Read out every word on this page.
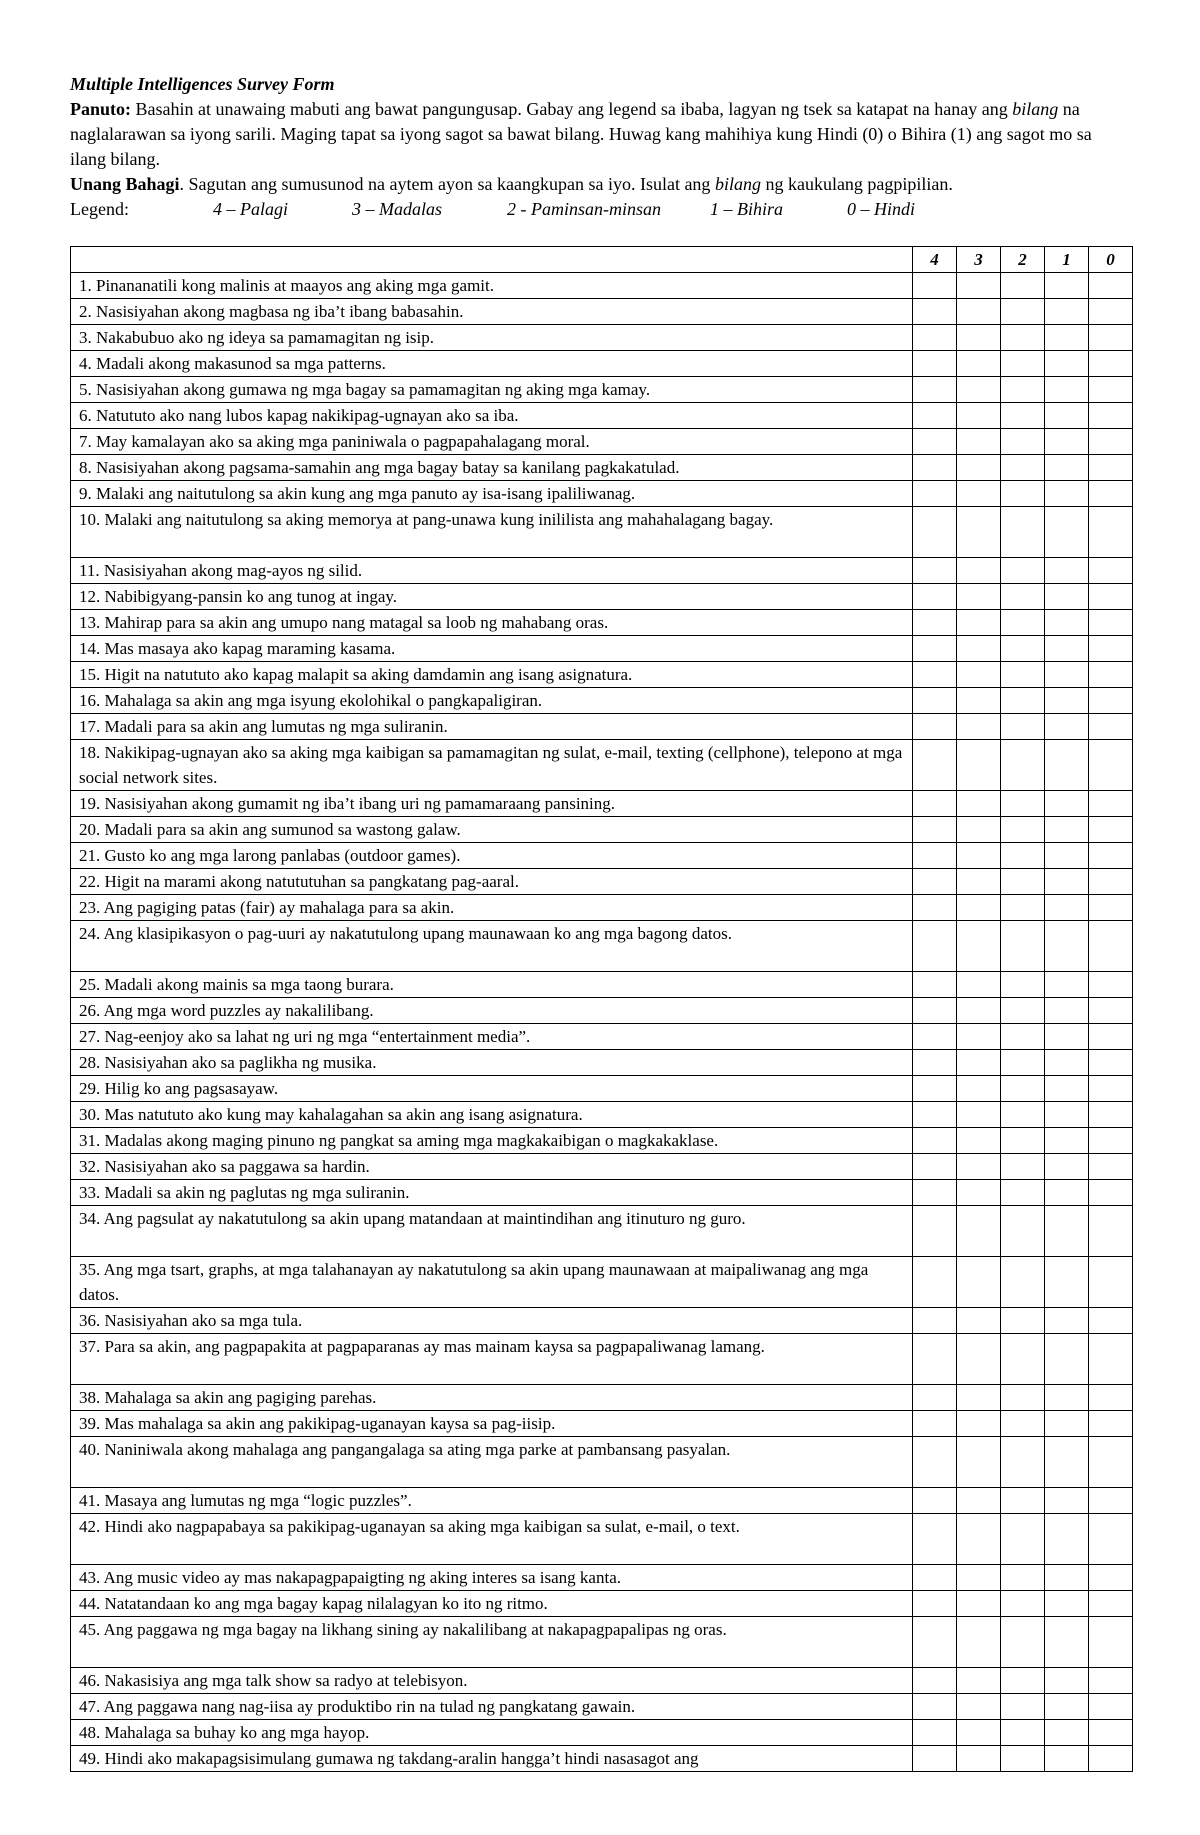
Multiple Intelligences Survey Form
Panuto: Basahin at unawaing mabuti ang bawat pangungusap. Gabay ang legend sa ibaba, lagyan ng tsek sa katapat na hanay ang bilang na naglalarawan sa iyong sarili. Maging tapat sa iyong sagot sa bawat bilang. Huwag kang mahihiya kung Hindi (0) o Bihira (1) ang sagot mo sa ilang bilang.
Unang Bahagi. Sagutan ang sumusunod na aytem ayon sa kaangkupan sa iyo. Isulat ang bilang ng kaukulang pagpipilian.
Legend:	4 – Palagi	3 – Madalas	2 - Paminsan-minsan	1 – Bihira	0 – Hindi
	4	3	2	1	0
1. Pinananatili kong malinis at maayos ang aking mga gamit.					
2. Nasisiyahan akong magbasa ng iba’t ibang babasahin.					
3. Nakabubuo ako ng ideya sa pamamagitan ng isip.					
4. Madali akong makasunod sa mga patterns.					
5. Nasisiyahan akong gumawa ng mga bagay sa pamamagitan ng aking mga kamay.					
6. Natututo ako nang lubos kapag nakikipag-ugnayan ako sa iba.					
7. May kamalayan ako sa aking mga paniniwala o pagpapahalagang moral.					
8. Nasisiyahan akong pagsama-samahin ang mga bagay batay sa kanilang pagkakatulad.					
9. Malaki ang naitutulong sa akin kung ang mga panuto ay isa-isang ipaliliwanag.					
10. Malaki ang naitutulong sa aking memorya at pang-unawa kung inililista ang mahahalagang bagay.					
11. Nasisiyahan akong mag-ayos ng silid.					
12. Nabibigyang-pansin ko ang tunog at ingay.					
13. Mahirap para sa akin ang umupo nang matagal sa loob ng mahabang oras.					
14. Mas masaya ako kapag maraming kasama.					
15. Higit na natututo ako kapag malapit sa aking damdamin ang isang asignatura.					
16. Mahalaga sa akin ang mga isyung ekolohikal o pangkapaligiran.					
17. Madali para sa akin ang lumutas ng mga suliranin.					
18. Nakikipag-ugnayan ako sa aking mga kaibigan sa pamamagitan ng sulat, e-mail, texting (cellphone), telepono at mga social network sites.					
19. Nasisiyahan akong gumamit ng iba’t ibang uri ng pamamaraang pansining.					
20. Madali para sa akin ang sumunod sa wastong galaw.					
21. Gusto ko ang mga larong panlabas (outdoor games).					
22. Higit na marami akong natututuhan sa pangkatang pag-aaral.					
23. Ang pagiging patas (fair) ay mahalaga para sa akin.					
24. Ang klasipikasyon o pag-uuri ay nakatutulong upang maunawaan ko ang mga bagong datos.					
25. Madali akong mainis sa mga taong burara.					
26. Ang mga word puzzles ay nakalilibang.					
27. Nag-eenjoy ako sa lahat ng uri ng mga “entertainment media”.					
28. Nasisiyahan ako sa paglikha ng musika.					
29. Hilig ko ang pagsasayaw.					
30. Mas natututo ako kung may kahalagahan sa akin ang isang asignatura.					
31. Madalas akong maging pinuno ng pangkat sa aming mga magkakaibigan o magkakaklase.					
32. Nasisiyahan ako sa paggawa sa hardin.					
33. Madali sa akin ng paglutas ng mga suliranin.					
34. Ang pagsulat ay nakatutulong sa akin upang matandaan at maintindihan ang itinuturo ng guro.					
35. Ang mga tsart, graphs, at mga talahanayan ay nakatutulong sa akin upang maunawaan at maipaliwanag ang mga datos.					
36. Nasisiyahan ako sa mga tula.					
37. Para sa akin, ang pagpapakita at pagpaparanas ay mas mainam kaysa sa pagpapaliwanag lamang.					
38. Mahalaga sa akin ang pagiging parehas.					
39. Mas mahalaga sa akin ang pakikipag-uganayan kaysa sa pag-iisip.					
40. Naniniwala akong mahalaga ang pangangalaga sa ating mga parke at pambansang pasyalan.					
41. Masaya ang lumutas ng mga “logic puzzles”.					
42. Hindi ako nagpapabaya sa pakikipag-uganayan sa aking mga kaibigan sa sulat, e-mail, o text.					
43. Ang music video ay mas nakapagpapaigting ng aking interes sa isang kanta.					
44. Natatandaan ko ang mga bagay kapag nilalagyan ko ito ng ritmo.					
45. Ang paggawa ng mga bagay na likhang sining ay nakalilibang at nakapagpapalipas ng oras.					
46. Nakasisiya ang mga talk show sa radyo at telebisyon.					
47. Ang paggawa nang nag-iisa ay produktibo rin na tulad ng pangkatang gawain.					
48. Mahalaga sa buhay ko ang mga hayop.					
49. Hindi ako makapagsisimulang gumawa ng takdang-aralin hangga’t hindi nasasagot ang					
